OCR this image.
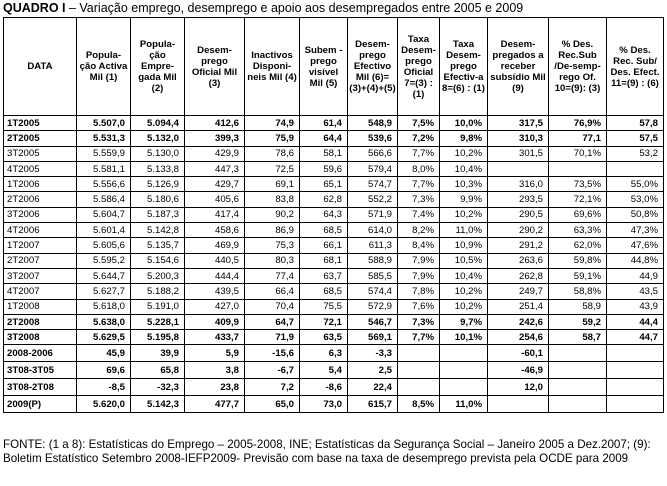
QUADRO I – Variação emprego, desemprego e apoio aos desempregados entre 2005 e 2009
DATA	Popula-ção Activa Mil (1)	Popula-ção Empre-gada Mil (2)	Desem-prego Oficial Mil (3)	Inactivos Disponi-neis Mil (4)	Subem - prego visível Mil (5)	Desem-prego Efectivo Mil (6)=(3)+(4)+(5)	Taxa Desem-prego Oficial 7=(3) : (1)	Taxa Desem-prego Efectiv-a 8=(6) : (1)	Desem-pregados a receber subsídio Mil (9)	% Des. Rec.Sub /De-semp-rego Of. 10=(9): (3)	% Des. Rec. Sub/ Des. Efect. 11=(9) : (6)
1T2005	5.507,0	5.094,4	412,6	74,9	61,4	548,9	7,5%	10,0%	317,5	76,9%	57,8
2T2005	5.531,3	5.132,0	399,3	75,9	64,4	539,6	7,2%	9,8%	310,3	77,1	57,5
3T2005	5.559,9	5.130,0	429,9	78,6	58,1	566,6	7,7%	10,2%	301,5	70,1%	53,2
4T2005	5.581,1	5.133,8	447,3	72,5	59,6	579,4	8,0%	10,4%			
1T2006	5.556,6	5.126,9	429,7	69,1	65,1	574,7	7,7%	10,3%	316,0	73,5%	55,0%
2T2006	5.586,4	5.180,6	405,6	83,8	62,8	552,2	7,3%	9,9%	293,5	72,1%	53,0%
3T2006	5.604,7	5.187,3	417,4	90,2	64,3	571,9	7,4%	10,2%	290,5	69,6%	50,8%
4T2006	5.601,4	5.142,8	458,6	86,9	68,5	614,0	8,2%	11,0%	290,2	63,3%	47,3%
1T2007	5.605,6	5.135,7	469,9	75,3	66,1	611,3	8,4%	10,9%	291,2	62,0%	47,6%
2T2007	5.595,2	5.154,6	440,5	80,3	68,1	588,9	7,9%	10,5%	263,6	59,8%	44,8%
3T2007	5.644,7	5.200,3	444,4	77,4	63,7	585,5	7,9%	10,4%	262,8	59,1%	44,9
4T2007	5.627,7	5.188,2	439,5	66,4	68,5	574,4	7,8%	10,2%	249,7	58,8%	43,5
1T2008	5.618,0	5.191,0	427,0	70,4	75,5	572,9	7,6%	10,2%	251,4	58,9	43,9
2T2008	5.638,0	5.228,1	409,9	64,7	72,1	546,7	7,3%	9,7%	242,6	59,2	44,4
3T2008	5.629,5	5.195,8	433,7	71,9	63,5	569,1	7,7%	10,1%	254,6	58,7	44,7
2008-2006	45,9	39,9	5,9	-15,6	6,3	-3,3			-60,1		
3T08-3T05	69,6	65,8	3,8	-6,7	5,4	2,5			-46,9		
3T08-2T08	-8,5	-32,3	23,8	7,2	-8,6	22,4			12,0		
2009(P)	5.620,0	5.142,3	477,7	65,0	73,0	615,7	8,5%	11,0%			
FONTE: (1 a 8): Estatísticas do Emprego – 2005-2008, INE; Estatísticas da Segurança Social – Janeiro 2005 a Dez.2007; (9): Boletim Estatístico Setembro 2008-IEFP2009- Previsão com base na taxa de desemprego prevista pela OCDE para 2009
